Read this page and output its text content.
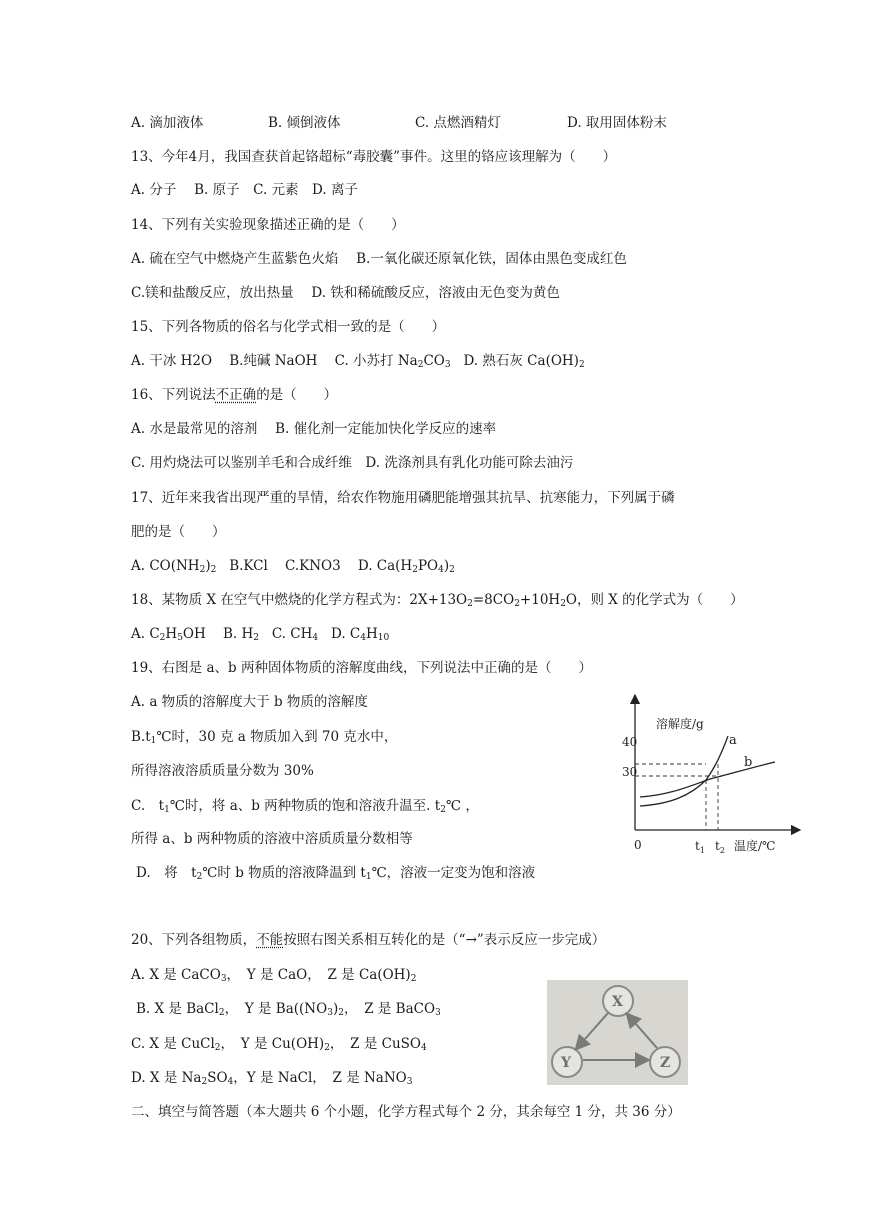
A. 滴加液体	B. 倾倒液体	C. 点燃酒精灯	D. 取用固体粉末
13、今年4月，我国查获首起铬超标“毒胶囊”事件。这里的铬应该理解为（　　）
A. 分子　 B. 原子　C. 元素　D. 离子
14、下列有关实验现象描述正确的是（　　）
A. 硫在空气中燃烧产生蓝紫色火焰　 B.一氧化碳还原氧化铁，固体由黑色变成红色
C.镁和盐酸反应，放出热量　 D. 铁和稀硫酸反应，溶液由无色变为黄色
15、下列各物质的俗名与化学式相一致的是（　　）
A. 干冰 H2O B.纯碱 NaOH C. 小苏打 $Na_2CO_3$ D. 熟石灰 $Ca(OH)_2$
16、下列说法不正确的是（　　）
A. 水是最常见的溶剂　 B. 催化剂一定能加快化学反应的速率
C. 用灼烧法可以鉴别羊毛和合成纤维　D. 洗涤剂具有乳化功能可除去油污
17、近年来我省出现严重的旱情，给农作物施用磷肥能增强其抗旱、抗寒能力，下列属于磷
肥的是（　　）
A. $CO(NH_2)_2$ B.KCl C.KNO3 D. $Ca(H_2PO_4)_2$
18、某物质 X 在空气中燃烧的化学方程式为：$2X+13O_2=8CO_2+10H_2O$，则 X 的化学式为（　　）
A. $C_2H_5OH$ B. $H_2$ C. $CH_4$ D. $C_4H_{10}$
19、右图是 a、b 两种固体物质的溶解度曲线，下列说法中正确的是（　　）
A. a 物质的溶解度大于 b 物质的溶解度
$B.t_1℃$时，30 克 a 物质加入到 70 克水中，
所得溶液溶质质量分数为 30%
C.　$t_1℃$时，将 a、b 两种物质的饱和溶液升温至. $t_2℃$ ，
所得 a、b 两种物质的溶液中溶质质量分数相等
D.　将　$t_2℃$时 b 物质的溶液降温到 $t_1℃$，溶液一定变为饱和溶液
溶解度/g
40
30
0
a
b
$t_1$ $t_2$ 温度/℃
20、下列各组物质，不能按照右图关系相互转化的是（“→”表示反应一步完成）
A. X 是 CaCO$_3$，　Y 是 CaO，　Z 是 $Ca(OH)_2$
B. X 是 BaCl$_2$，　Y 是 $Ba((NO_3)_2$，　Z 是 BaCO$_3$
C. X 是 CuCl$_2$，　Y 是 $Cu(OH)_2$，　Z 是 CuSO$_4$
D. X 是 $Na_2SO_4$，Y 是 NaCl，　Z 是 NaNO$_3$
X
Y	Z
二、填空与简答题（本大题共 6 个小题，化学方程式每个 2 分，其余每空 1 分，共 36 分）
